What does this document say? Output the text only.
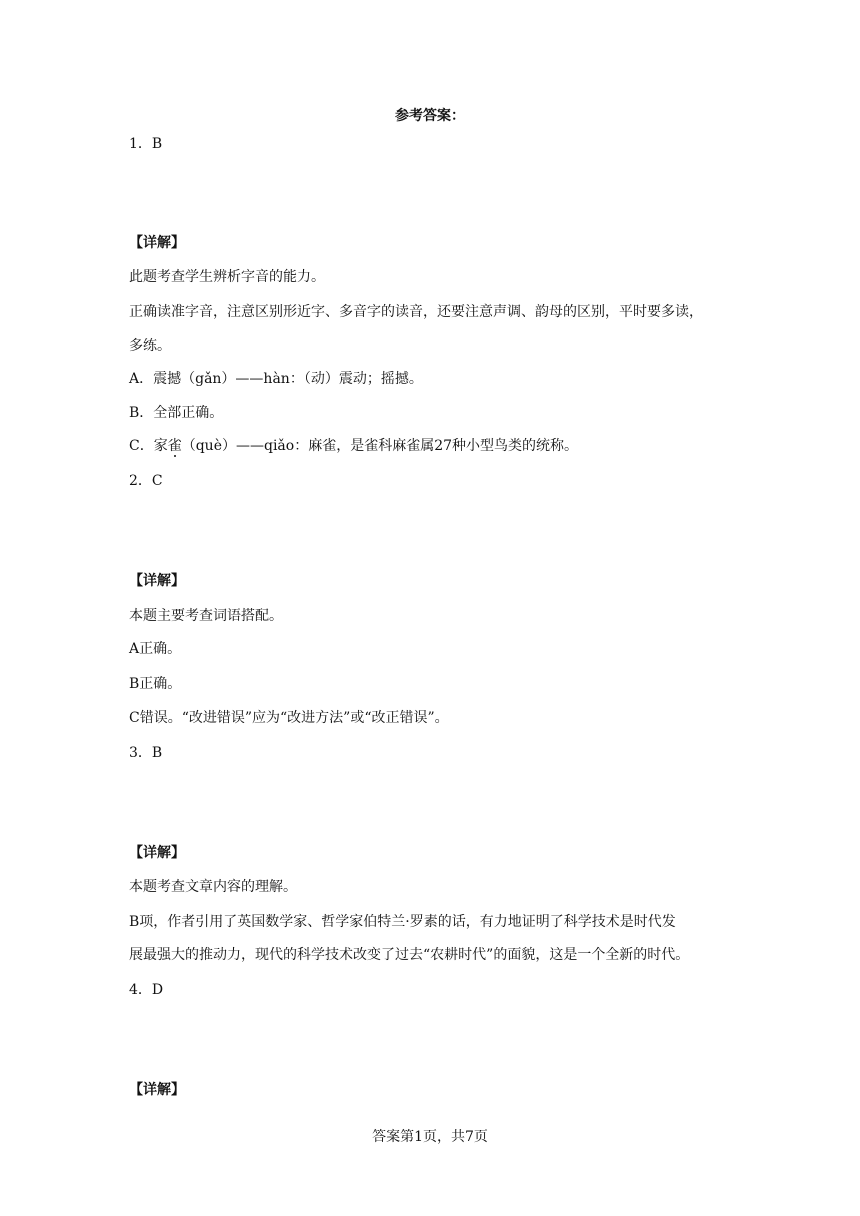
参考答案：

1．B

【详解】

此题考查学生辨析字音的能力。

正确读准字音，注意区别形近字、多音字的读音，还要注意声调、韵母的区别，平时要多读，

多练。

A．震撼（gǎn）——hàn：（动）震动；摇撼。

B．全部正确。

C．家雀（què）——qiǎo：麻雀，是雀科麻雀属27种小型鸟类的统称。

2．C

【详解】

本题主要考查词语搭配。

A正确。

B正确。

C错误。“改进错误”应为“改进方法”或“改正错误”。

3．B

【详解】

本题考查文章内容的理解。

B项，作者引用了英国数学家、哲学家伯特兰·罗素的话，有力地证明了科学技术是时代发

展最强大的推动力，现代的科学技术改变了过去“农耕时代”的面貌，这是一个全新的时代。

4．D

【详解】

答案第1页，共7页
